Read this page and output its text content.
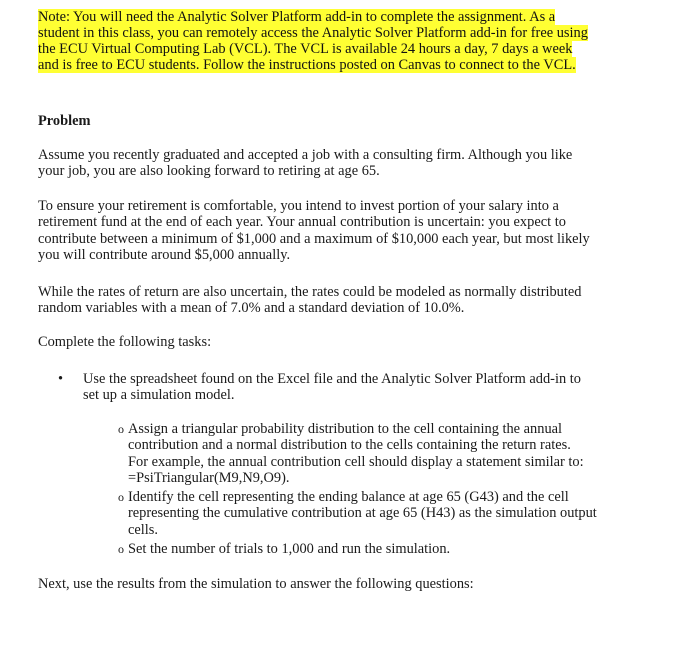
Note: You will need the Analytic Solver Platform add-in to complete the assignment. As a
student in this class, you can remotely access the Analytic Solver Platform add-in for free using
the ECU Virtual Computing Lab (VCL). The VCL is available 24 hours a day, 7 days a week
and is free to ECU students. Follow the instructions posted on Canvas to connect to the VCL.
Problem
Assume you recently graduated and accepted a job with a consulting firm. Although you like
your job, you are also looking forward to retiring at age 65.
To ensure your retirement is comfortable, you intend to invest portion of your salary into a
retirement fund at the end of each year. Your annual contribution is uncertain: you expect to
contribute between a minimum of $1,000 and a maximum of $10,000 each year, but most likely
you will contribute around $5,000 annually.
While the rates of return are also uncertain, the rates could be modeled as normally distributed
random variables with a mean of 7.0% and a standard deviation of 10.0%.
Complete the following tasks:
• Use the spreadsheet found on the Excel file and the Analytic Solver Platform add-in to
set up a simulation model.
o Assign a triangular probability distribution to the cell containing the annual
contribution and a normal distribution to the cells containing the return rates.
For example, the annual contribution cell should display a statement similar to:
=PsiTriangular(M9,N9,O9).
o Identify the cell representing the ending balance at age 65 (G43) and the cell
representing the cumulative contribution at age 65 (H43) as the simulation output
cells.
o Set the number of trials to 1,000 and run the simulation.
Next, use the results from the simulation to answer the following questions:
